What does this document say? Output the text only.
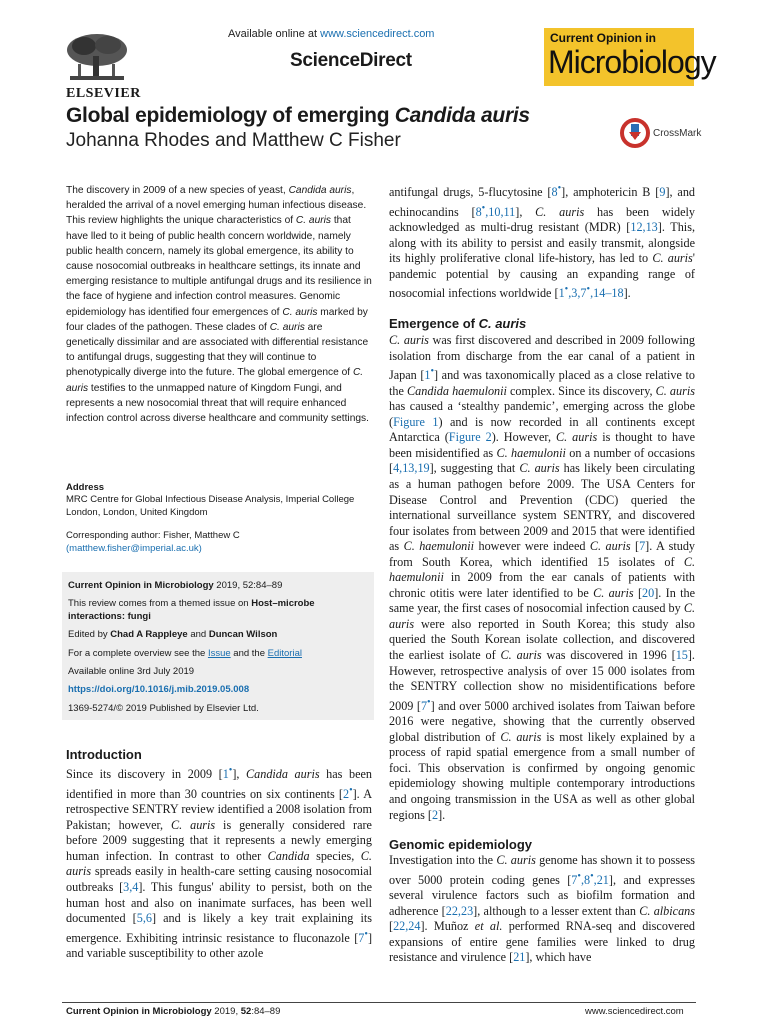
Available online at www.sciencedirect.com
ScienceDirect
ELSEVIER
Current Opinion in
Microbiology
Global epidemiology of emerging Candida auris
Johanna Rhodes and Matthew C Fisher	CrossMark
The discovery in 2009 of a new species of yeast, Candida auris, heralded the arrival of a novel emerging human infectious disease. This review highlights the unique characteristics of C. auris that have lled to it being of public health concern worldwide, namely public health concern, namely its global emergence, its ability to cause nosocomial outbreaks in healthcare settings, its innate and emerging resistance to multiple antifungal drugs and its resilience in the face of hygiene and infection control measures. Genomic epidemiology has identified four emergences of C. auris marked by four clades of the pathogen. These clades of C. auris are genetically dissimilar and are associated with differential resistance to antifungal drugs, suggesting that they will continue to phenotypically diverge into the future. The global emergence of C. auris testifies to the unmapped nature of Kingdom Fungi, and represents a new nosocomial threat that will require enhanced infection control across diverse healthcare and community settings.
Address
MRC Centre for Global Infectious Disease Analysis, Imperial College London, London, United Kingdom
Corresponding author: Fisher, Matthew C
(matthew.fisher@imperial.ac.uk)

Current Opinion in Microbiology 2019, 52:84–89

This review comes from a themed issue on Host–microbe interactions: fungi

Edited by Chad A Rappleye and Duncan Wilson

For a complete overview see the Issue and the Editorial

Available online 3rd July 2019

https://doi.org/10.1016/j.mib.2019.05.008

1369-5274/© 2019 Published by Elsevier Ltd.

Introduction

Since its discovery in 2009 [1•], Candida auris has been identified in more than 30 countries on six continents [2•]. A retrospective SENTRY review identified a 2008 isolation from Pakistan; however, C. auris is generally considered rare before 2009 suggesting that it represents a newly emerging human infection. In contrast to other Candida species, C. auris spreads easily in health-care setting causing nosocomial outbreaks [3,4]. This fungus' ability to persist, both on the human host and also on inanimate surfaces, has been well documented [5,6] and is likely a key trait explaining its emergence. Exhibiting intrinsic resistance to fluconazole [7•] and variable susceptibility to other azole

antifungal drugs, 5-flucytosine [8•], amphotericin B [9], and echinocandins [8•,10,11], C. auris has been widely acknowledged as multi-drug resistant (MDR) [12,13]. This, along with its ability to persist and easily transmit, alongside its highly proliferative clonal life-history, has led to C. auris' pandemic potential by causing an expanding range of nosocomial infections worldwide [1•,3,7•,14–18].

Emergence of C. auris

C. auris was first discovered and described in 2009 following isolation from discharge from the ear canal of a patient in Japan [1•] and was taxonomically placed as a close relative to the Candida haemulonii complex. Since its discovery, C. auris has caused a ‘stealthy pandemic’, emerging across the globe (Figure 1) and is now recorded in all continents except Antarctica (Figure 2). However, C. auris is thought to have been misidentified as C. haemulonii on a number of occasions [4,13,19], suggesting that C. auris has likely been circulating as a human pathogen before 2009. The USA Centers for Disease Control and Prevention (CDC) queried the international surveillance system SENTRY, and discovered four isolates from between 2009 and 2015 that were identified as C. haemulonii however were indeed C. auris [7]. A study from South Korea, which identified 15 isolates of C. haemulonii in 2009 from the ear canals of patients with chronic otitis were later identified to be C. auris [20]. In the same year, the first cases of nosocomial infection caused by C. auris were also reported in South Korea; this study also queried the South Korean isolate collection, and discovered the earliest isolate of C. auris was discovered in 1996 [15]. However, retrospective analysis of over 15 000 isolates from the SENTRY collection show no misidentifications before 2009 [7•] and over 5000 archived isolates from Taiwan before 2016 were negative, showing that the currently observed global distribution of C. auris is most likely explained by a process of rapid spatial emergence from a small number of foci. This observation is confirmed by ongoing genomic epidemiology showing multiple contemporary introductions and ongoing transmission in the USA as well as other global regions [2].

Genomic epidemiology

Investigation into the C. auris genome has shown it to possess over 5000 protein coding genes [7•,8•,21], and expresses several virulence factors such as biofilm formation and adherence [22,23], although to a lesser extent than C. albicans [22,24]. Muñoz et al. performed RNA-seq and discovered expansions of entire gene families were linked to drug resistance and virulence [21], which have

Current Opinion in Microbiology 2019, 52:84–89	www.sciencedirect.com
